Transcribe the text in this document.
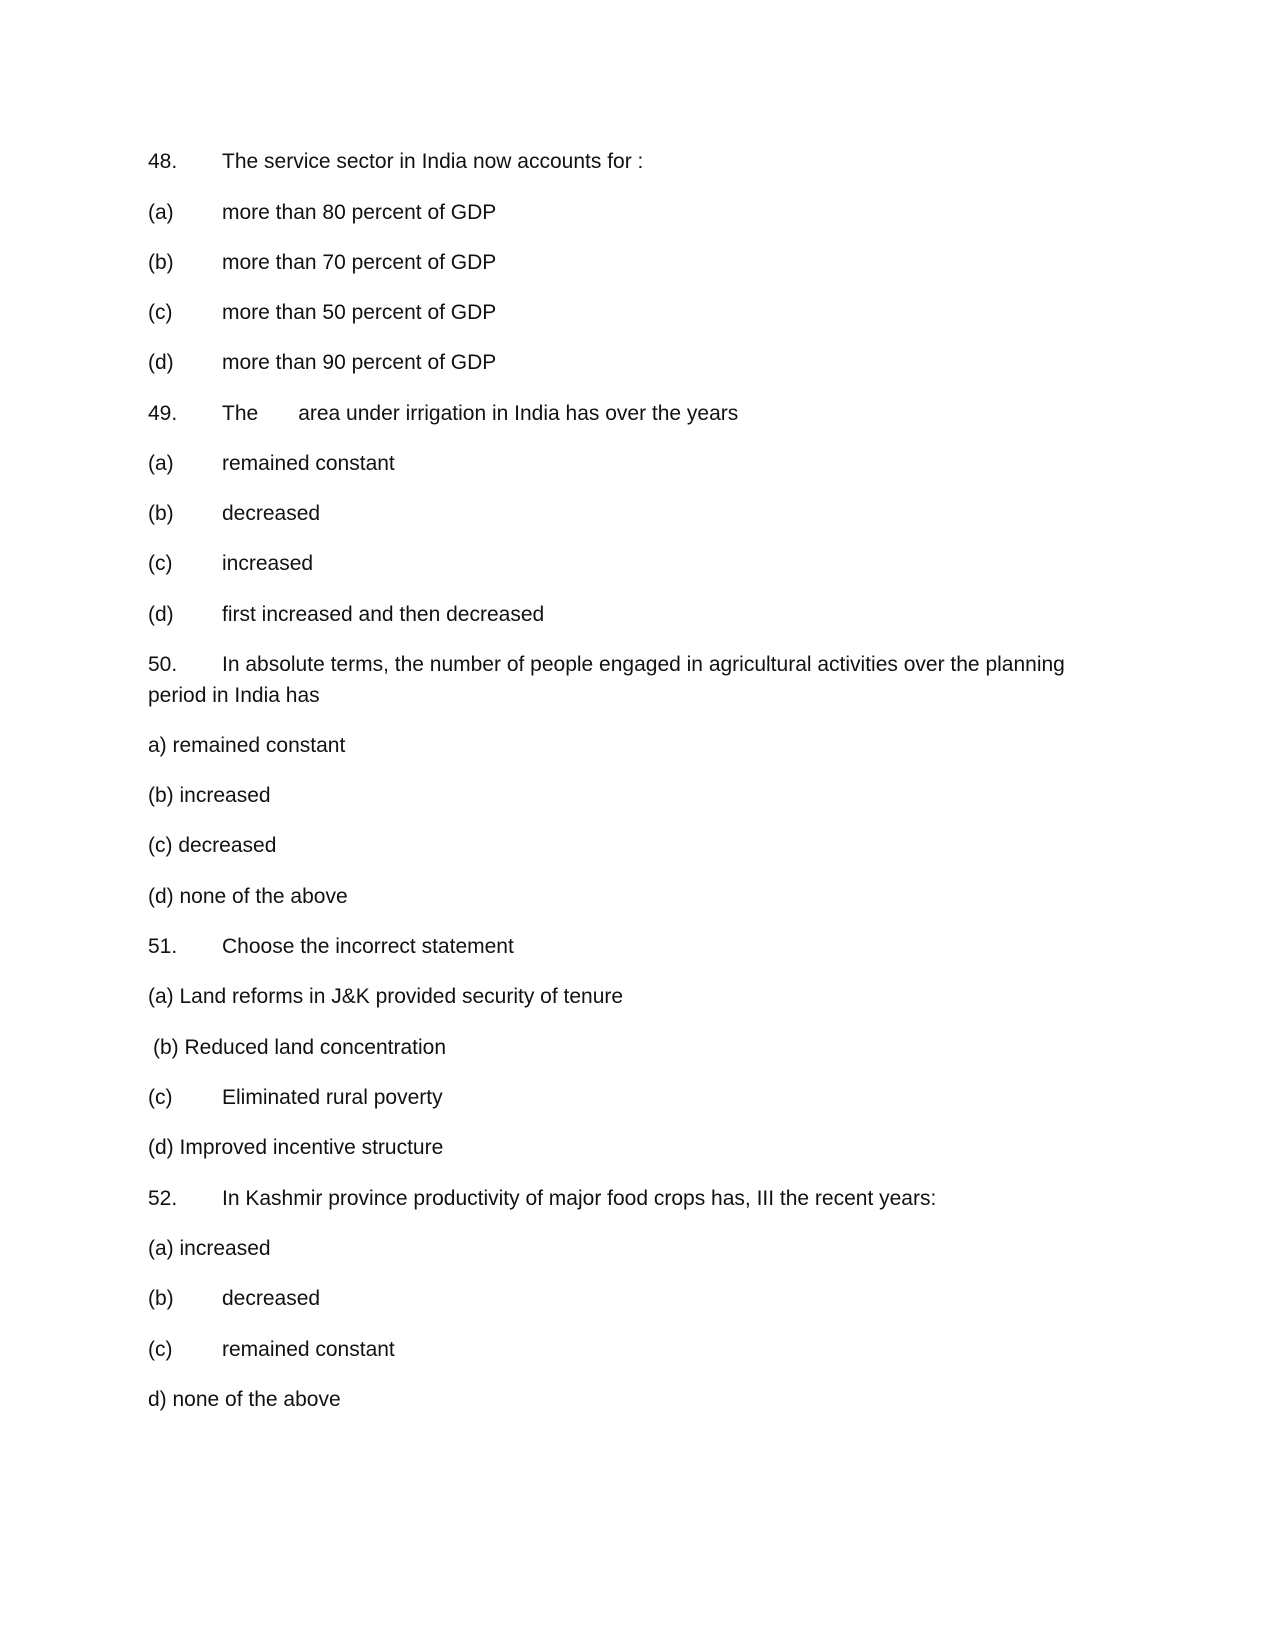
48. The service sector in India now accounts for :
(a) more than 80 percent of GDP
(b) more than 70 percent of GDP
(c) more than 50 percent of GDP
(d) more than 90 percent of GDP
49. The area under irrigation in India has over the years
(a) remained constant
(b) decreased
(c) increased
(d) first increased and then decreased
50. In absolute terms, the number of people engaged in agricultural activities over the planning
period in India has
a) remained constant
(b) increased
(c) decreased
(d) none of the above
51. Choose the incorrect statement
(a) Land reforms in J&K provided security of tenure
(b) Reduced land concentration
(c) Eliminated rural poverty
(d) Improved incentive structure
52. In Kashmir province productivity of major food crops has, III the recent years:
(a) increased
(b) decreased
(c) remained constant
d) none of the above
